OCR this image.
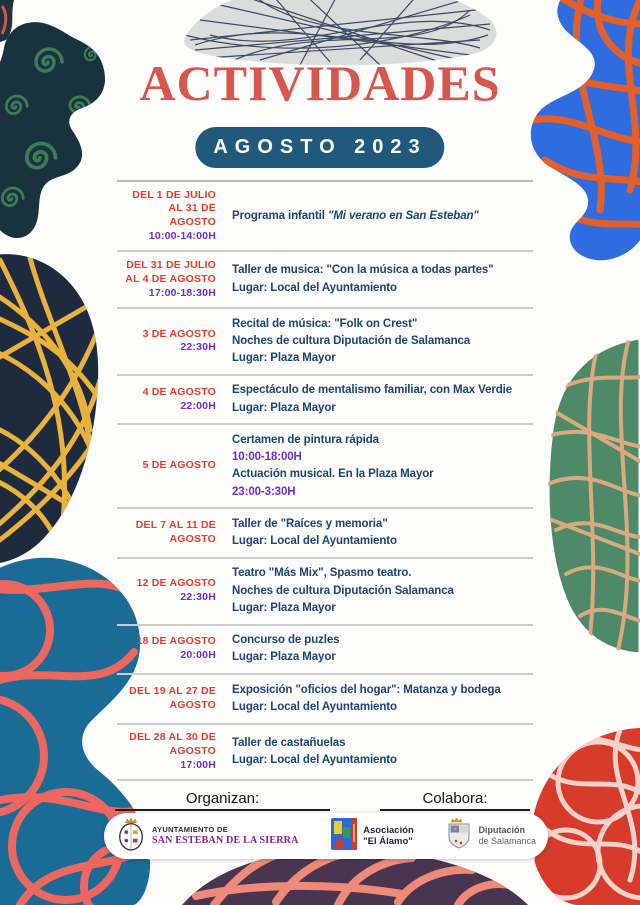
ACTIVIDADES
AGOSTO 2023
DEL 1 DE JULIO
AL 31 DE
AGOSTO
10:00-14:00H
Programa infantil "Mi verano en San Esteban"
DEL 31 DE JULIO
AL 4 DE AGOSTO
17:00-18:30H
Taller de musica: "Con la música a todas partes"
Lugar: Local del Ayuntamiento
3 DE AGOSTO
22:30H
Recital de música: "Folk on Crest"
Noches de cultura Diputación de Salamanca
Lugar: Plaza Mayor
4 DE AGOSTO
22:00H
Espectáculo de mentalismo familiar, con Max Verdie
Lugar: Plaza Mayor
5 DE AGOSTO
Certamen de pintura rápida
10:00-18:00H
Actuación musical. En la Plaza Mayor
23:00-3:30H
DEL 7 AL 11 DE
AGOSTO
Taller de "Raíces y memoria"
Lugar: Local del Ayuntamiento
12 DE AGOSTO
22:30H
Teatro "Más Mix", Spasmo teatro.
Noches de cultura Diputación Salamanca
Lugar: Plaza Mayor
18 DE AGOSTO
20:00H
Concurso de puzles
Lugar: Plaza Mayor
DEL 19 AL 27 DE
AGOSTO
Exposición "oficios del hogar": Matanza y bodega
Lugar: Local del Ayuntamiento
DEL 28 AL 30 DE
AGOSTO
17:00H
Taller de castañuelas
Lugar: Local del Ayuntamiento
Organizan:	Colabora:
AYUNTAMIENTO DE
SAN ESTEBAN DE LA SIERRA
Asociación
"El Álamo"
Diputación
de Salamanca
